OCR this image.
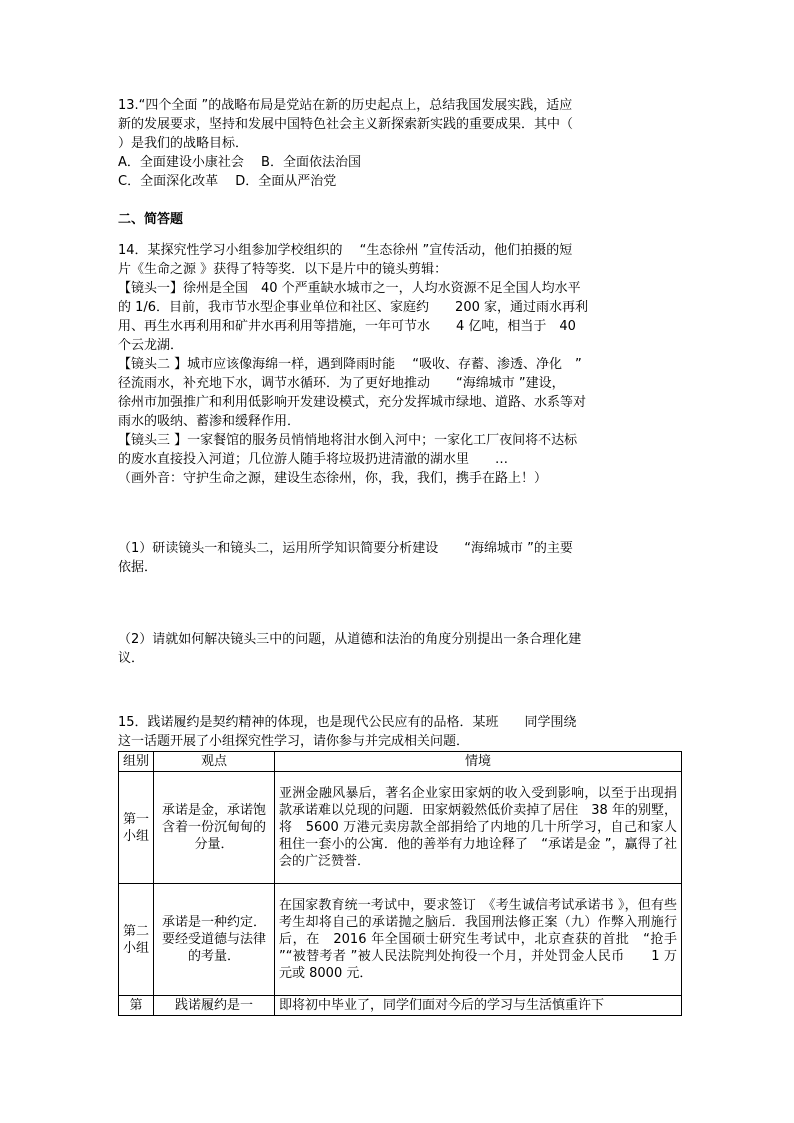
13.“四个全面 ”的战略布局是党站在新的历史起点上，总结我国发展实践，适应
新的发展要求，坚持和发展中国特色社会主义新探索新实践的重要成果．其中（
）是我们的战略目标．
A．全面建设小康社会　 B．全面依法治国
C．全面深化改革　 D．全面从严治党
二、简答题
14．某探究性学习小组参加学校组织的　 “生态徐州 ”宣传活动，他们拍摄的短
片《生命之源 》获得了特等奖．以下是片中的镜头剪辑：
【镜头一】徐州是全国　40 个严重缺水城市之一，人均水资源不足全国人均水平
的 1/6．目前，我市节水型企事业单位和社区、家庭约　　200 家，通过雨水再利
用、再生水再利用和矿井水再利用等措施，一年可节水　　4 亿吨，相当于　40
个云龙湖．
【镜头二 】城市应该像海绵一样，遇到降雨时能　 “吸收、存蓄、渗透、净化　”
径流雨水，补充地下水，调节水循环．为了更好地推动　　“海绵城市 ”建设，
徐州市加强推广和利用低影响开发建设模式，充分发挥城市绿地、道路、水系等对
雨水的吸纳、蓄渗和缓释作用．
【镜头三 】一家餐馆的服务员悄悄地将泔水倒入河中；一家化工厂夜间将不达标
的废水直接投入河道；几位游人随手将垃圾扔进清澈的湖水里　　…
（画外音：守护生命之源，建设生态徐州，你，我，我们，携手在路上！）
（1）研读镜头一和镜头二，运用所学知识简要分析建设　　“海绵城市 ”的主要
依据．
（2）请就如何解决镜头三中的问题，从道德和法治的角度分别提出一条合理化建
议．
15．践诺履约是契约精神的体现，也是现代公民应有的品格．某班　　同学围绕
这一话题开展了小组探究性学习，请你参与并完成相关问题．
组别	观点	情境
第一小组	承诺是金，承诺饱含着一份沉甸甸的分量．	亚洲金融风暴后，著名企业家田家炳的收入受到影响，以至于出现捐款承诺难以兑现的问题．田家炳毅然低价卖掉了居住　38 年的别墅，将　5600 万港元卖房款全部捐给了内地的几十所学习，自己和家人租住一套小的公寓．他的善举有力地诠释了　“承诺是金 ”，赢得了社会的广泛赞誉．
第二小组	承诺是一种约定．要经受道德与法律的考量．	在国家教育统一考试中，要求签订　《考生诚信考试承诺书 》，但有些考生却将自己的承诺抛之脑后．我国刑法修正案（九）作弊入刑施行后，在　2016 年全国硕士研究生考试中，北京查获的首批　“抢手 ”“被替考者 ”被人民法院判处拘役一个月，并处罚金人民币　　1 万元或 8000 元．
第	践诺履约是一	即将初中毕业了，同学们面对今后的学习与生活慎重许下
